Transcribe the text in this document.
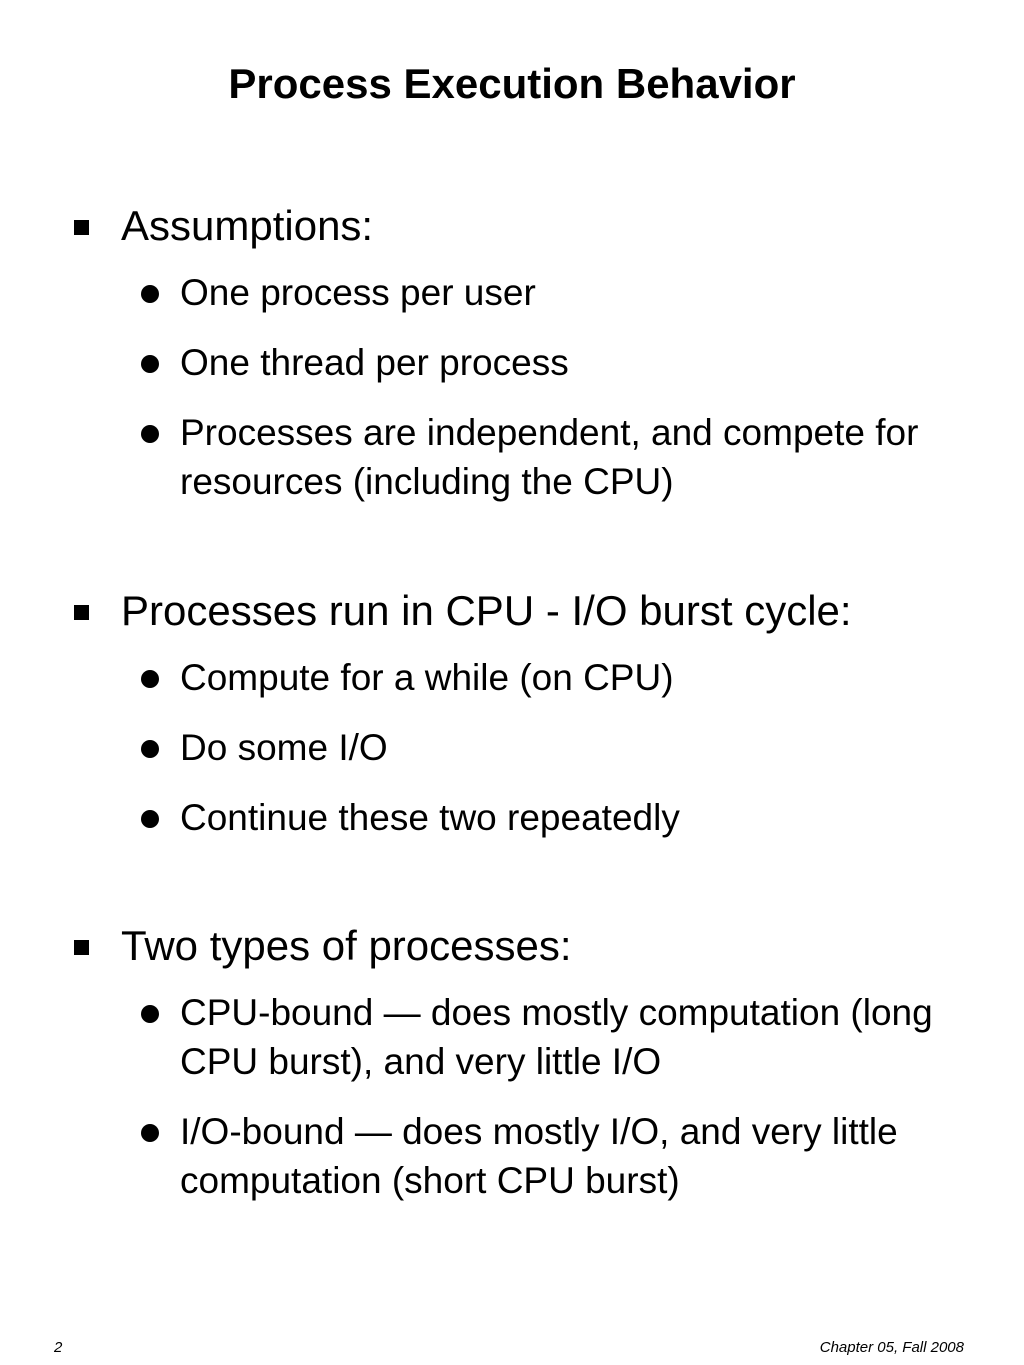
Process Execution Behavior
Assumptions:
One process per user
One thread per process
Processes are independent, and compete for resources (including the CPU)
Processes run in CPU - I/O burst cycle:
Compute for a while (on CPU)
Do some I/O
Continue these two repeatedly
Two types of processes:
CPU-bound — does mostly computation (long CPU burst), and very little I/O
I/O-bound — does mostly I/O, and very little computation (short CPU burst)
2	Chapter 05, Fall 2008
